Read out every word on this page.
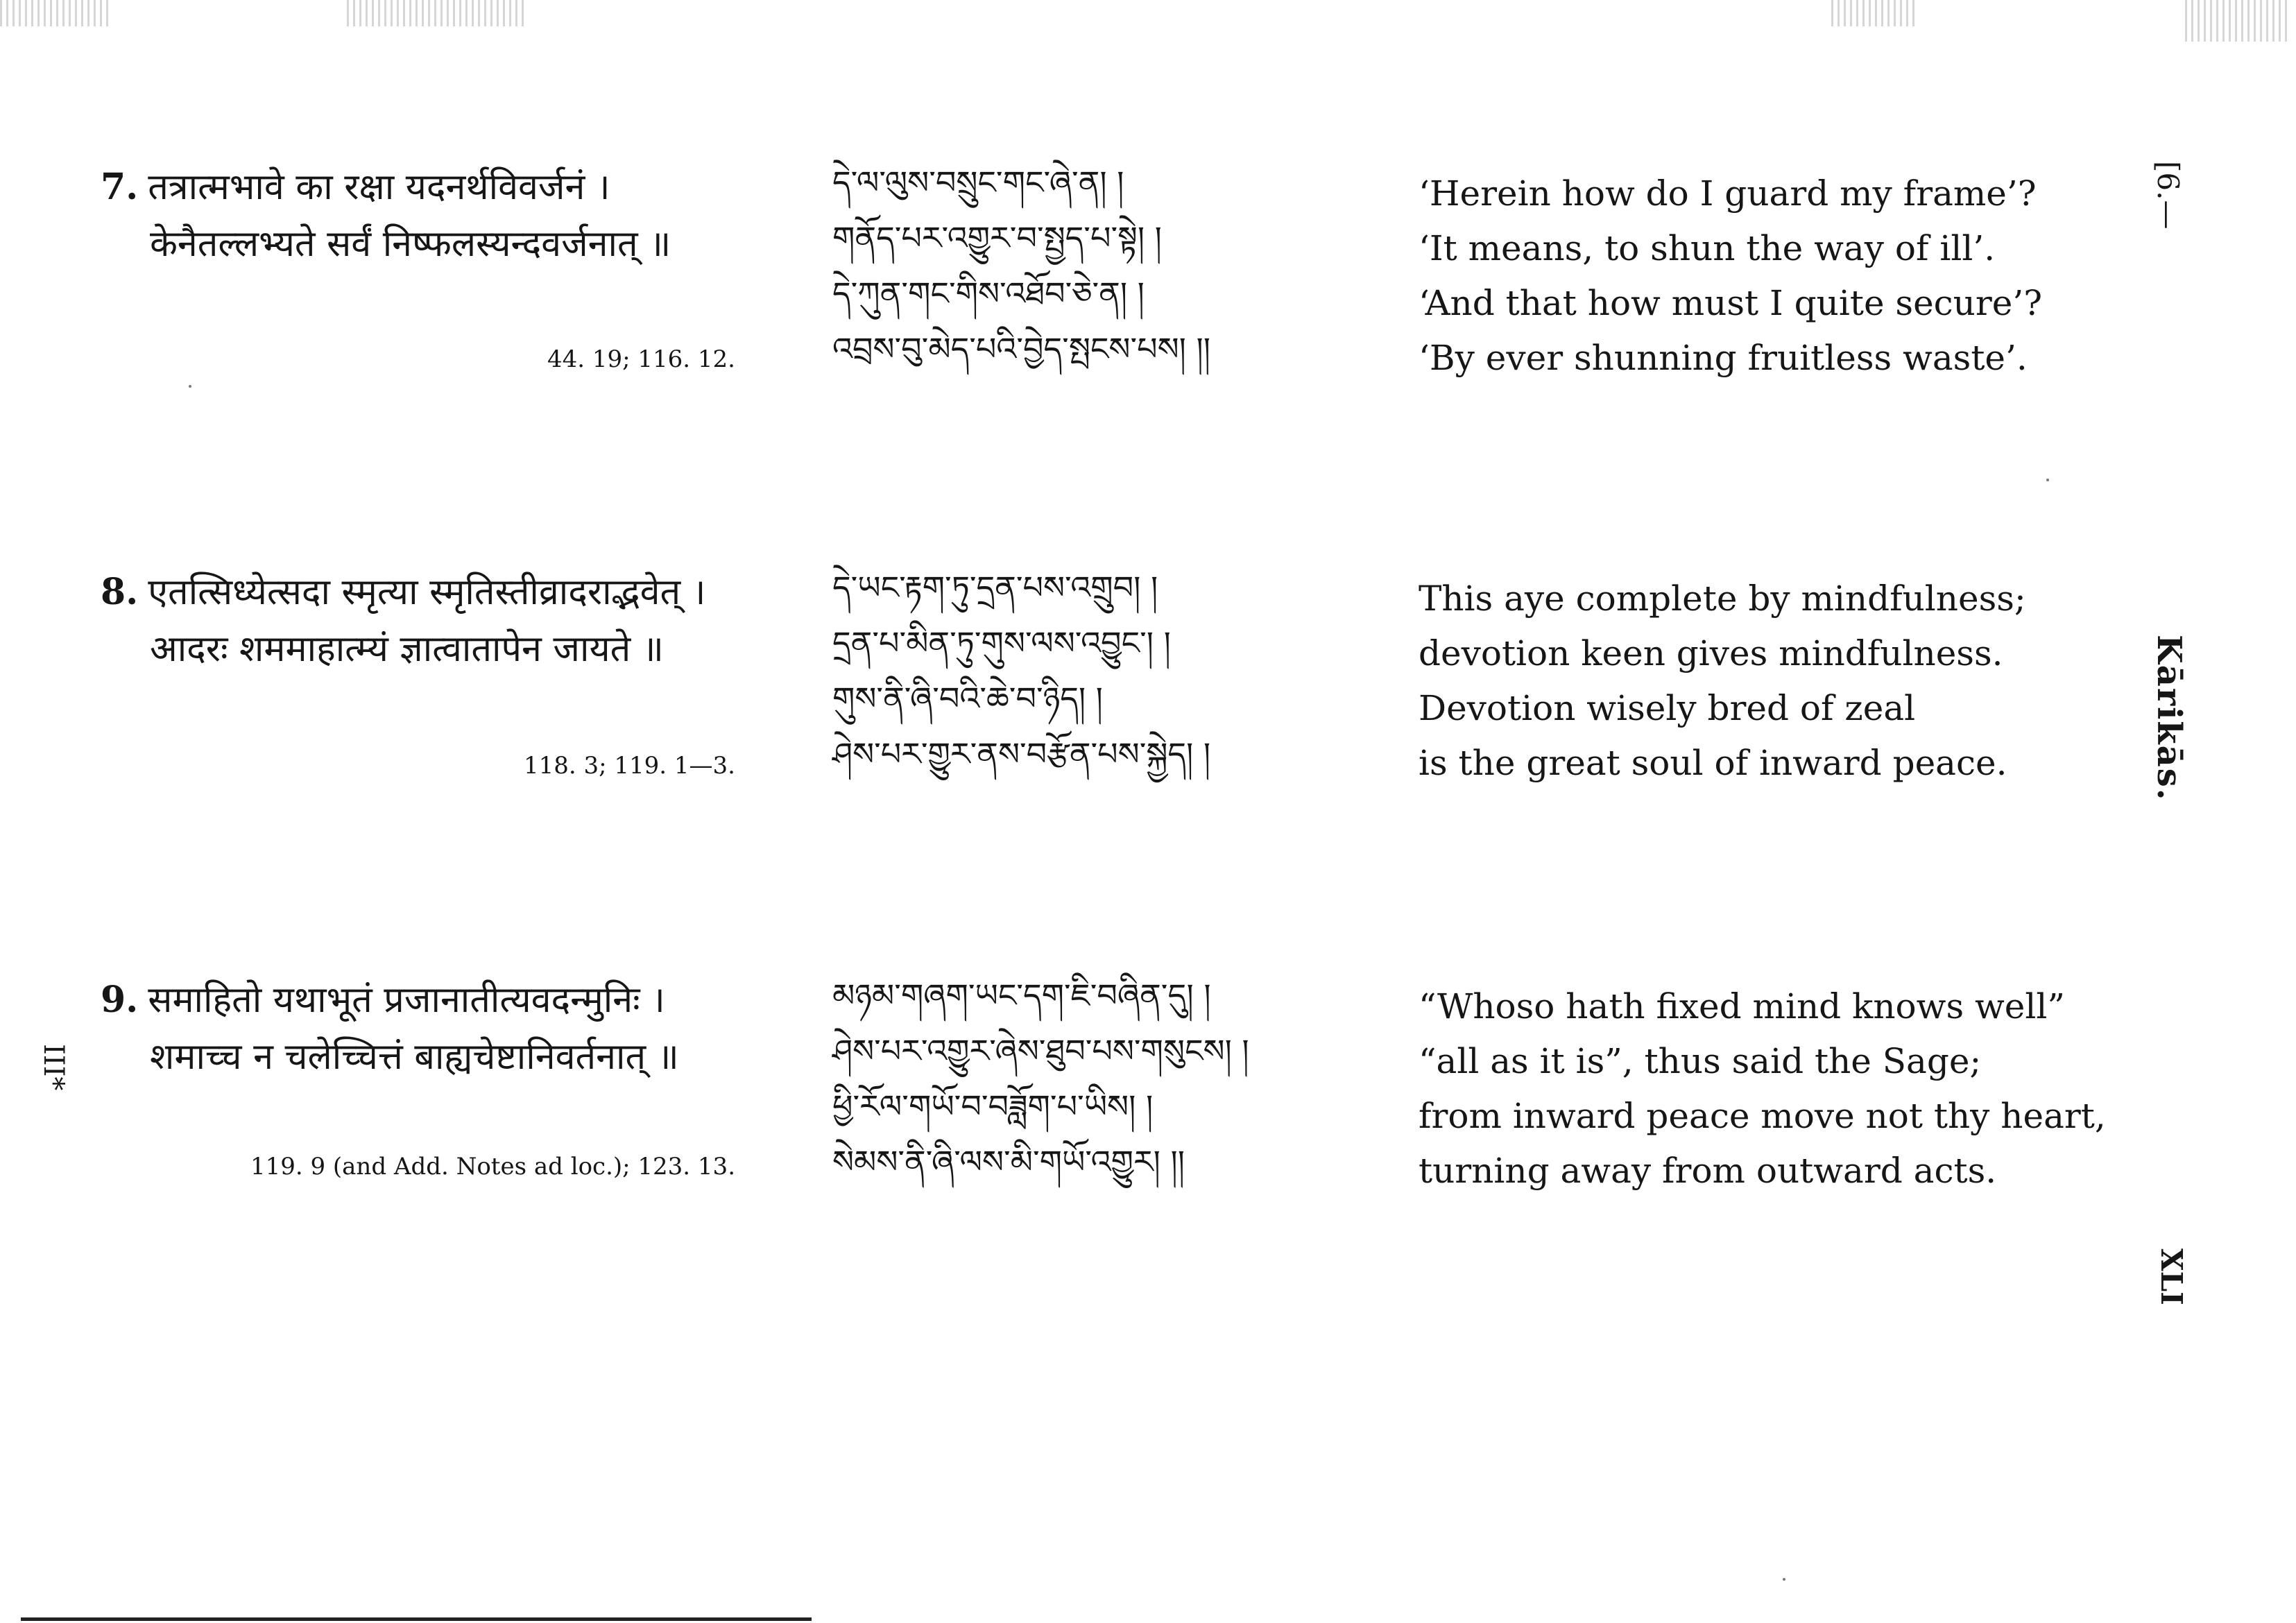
7. तत्रात्मभावे का रक्षा यदनर्थविवर्जनं ।
केनैतल्लभ्यते सर्वं निष्फलस्यन्दवर्जनात् ॥
44. 19; 116. 12.
དེ་ལ་ལུས་བསྲུང་གང་ཞེ་ན། །
གནོད་པར་འགྱུར་བ་སྤྱད་པ་སྟེ། །
དེ་ཀུན་གང་གིས་འཐོབ་ཅེ་ན། །
འབྲས་བུ་མེད་པའི་བྱེད་སྤངས་པས། །།
‘Herein how do I guard my frame’?
‘It means, to shun the way of ill’.
‘And that how must I quite secure’?
‘By ever shunning fruitless waste’.
8. एतत्सिध्येत्सदा स्मृत्या स्मृतिस्तीव्रादराद्भवेत् ।
आदरः शममाहात्म्यं ज्ञात्वातापेन जायते ॥
118. 3; 119. 1—3.
དེ་ཡང་རྟག་ཏུ་དྲན་པས་འགྲུབ། །
དྲན་པ་མིན་ཏུ་གུས་ལས་འབྱུང་། །
གུས་ནི་ཞི་བའི་ཆེ་བ་ཉིད། །
ཤེས་པར་གྱུར་ནས་བརྩོན་པས་སྐྱེད། །
This aye complete by mindfulness;
devotion keen gives mindfulness.
Devotion wisely bred of zeal
is the great soul of inward peace.
9. समाहितो यथाभूतं प्रजानातीत्यवदन्मुनिः ।
शमाच्च न चलेच्चित्तं बाह्यचेष्टानिवर्तनात् ॥
119. 9 (and Add. Notes ad loc.); 123. 13.
མཉམ་གཞག་ཡང་དག་ཇི་བཞིན་དུ། །
ཤེས་པར་འགྱུར་ཞེས་ཐུབ་པས་གསུངས། །
ཕྱི་རོལ་གཡོ་བ་བཟློག་པ་ཡིས། །
སེམས་ནི་ཞི་ལས་མི་གཡོ་འགྱུར། །།
“Whoso hath fixed mind knows well”
“all as it is”, thus said the Sage;
from inward peace move not thy heart,
turning away from outward acts.
III*
[6.—
Kārikās.
XLI
